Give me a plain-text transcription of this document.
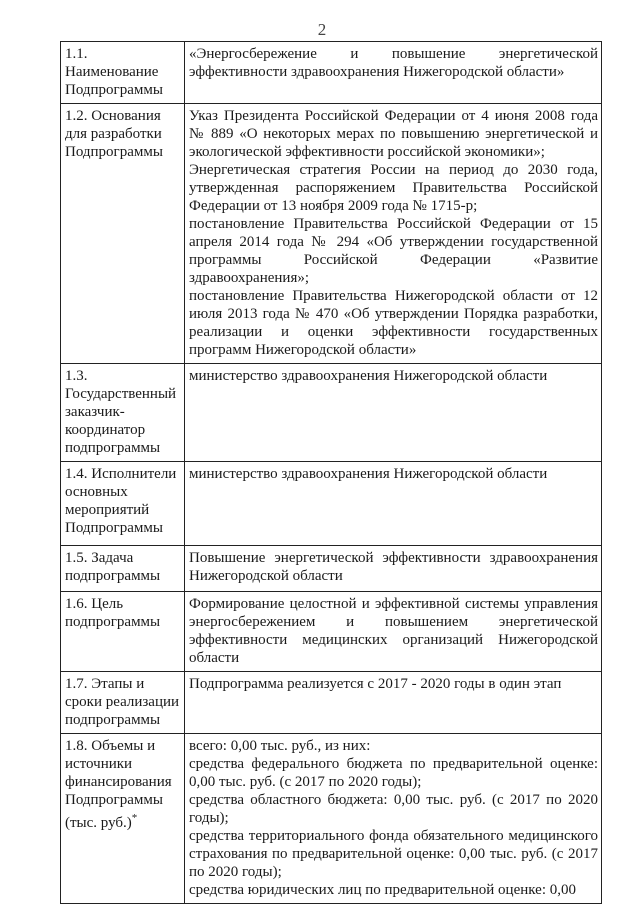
2
1.1. Наименование Подпрограммы	«Энергосбережение и повышение энергетической эффективности здравоохранения Нижегородской области»

1.2. Основания для разработки Подпрограммы	Указ Президента Российской Федерации от 4 июня 2008 года № 889 «О некоторых мерах по повышению энергетической и экологической эффективности российской экономики»;
Энергетическая стратегия России на период до 2030 года, утвержденная распоряжением Правительства Российской Федерации от 13 ноября 2009 года № 1715-р;
постановление Правительства Российской Федерации от 15 апреля 2014 года № 294 «Об утверждении государственной программы Российской Федерации «Развитие здравоохранения»;
постановление Правительства Нижегородской области от 12 июля 2013 года № 470 «Об утверждении Порядка разработки, реализации и оценки эффективности государственных программ Нижегородской области»

1.3. Государственный заказчик-координатор подпрограммы	министерство здравоохранения Нижегородской области

1.4. Исполнители основных мероприятий Подпрограммы	министерство здравоохранения Нижегородской области

1.5. Задача подпрограммы	Повышение энергетической эффективности здравоохранения Нижегородской области

1.6. Цель подпрограммы	Формирование целостной и эффективной системы управления энергосбережением и повышением энергетической эффективности медицинских организаций Нижегородской области

1.7. Этапы и сроки реализации подпрограммы	Подпрограмма реализуется с 2017 - 2020 годы в один этап

1.8. Объемы и источники финансирования Подпрограммы (тыс. руб.)*	всего: 0,00 тыс. руб., из них:
средства федерального бюджета по предварительной оценке: 0,00 тыс. руб. (с 2017 по 2020 годы);
средства областного бюджета: 0,00 тыс. руб. (с 2017 по 2020 годы);
средства территориального фонда обязательного медицинского страхования по предварительной оценке: 0,00 тыс. руб. (с 2017 по 2020 годы);
средства юридических лиц по предварительной оценке: 0,00
